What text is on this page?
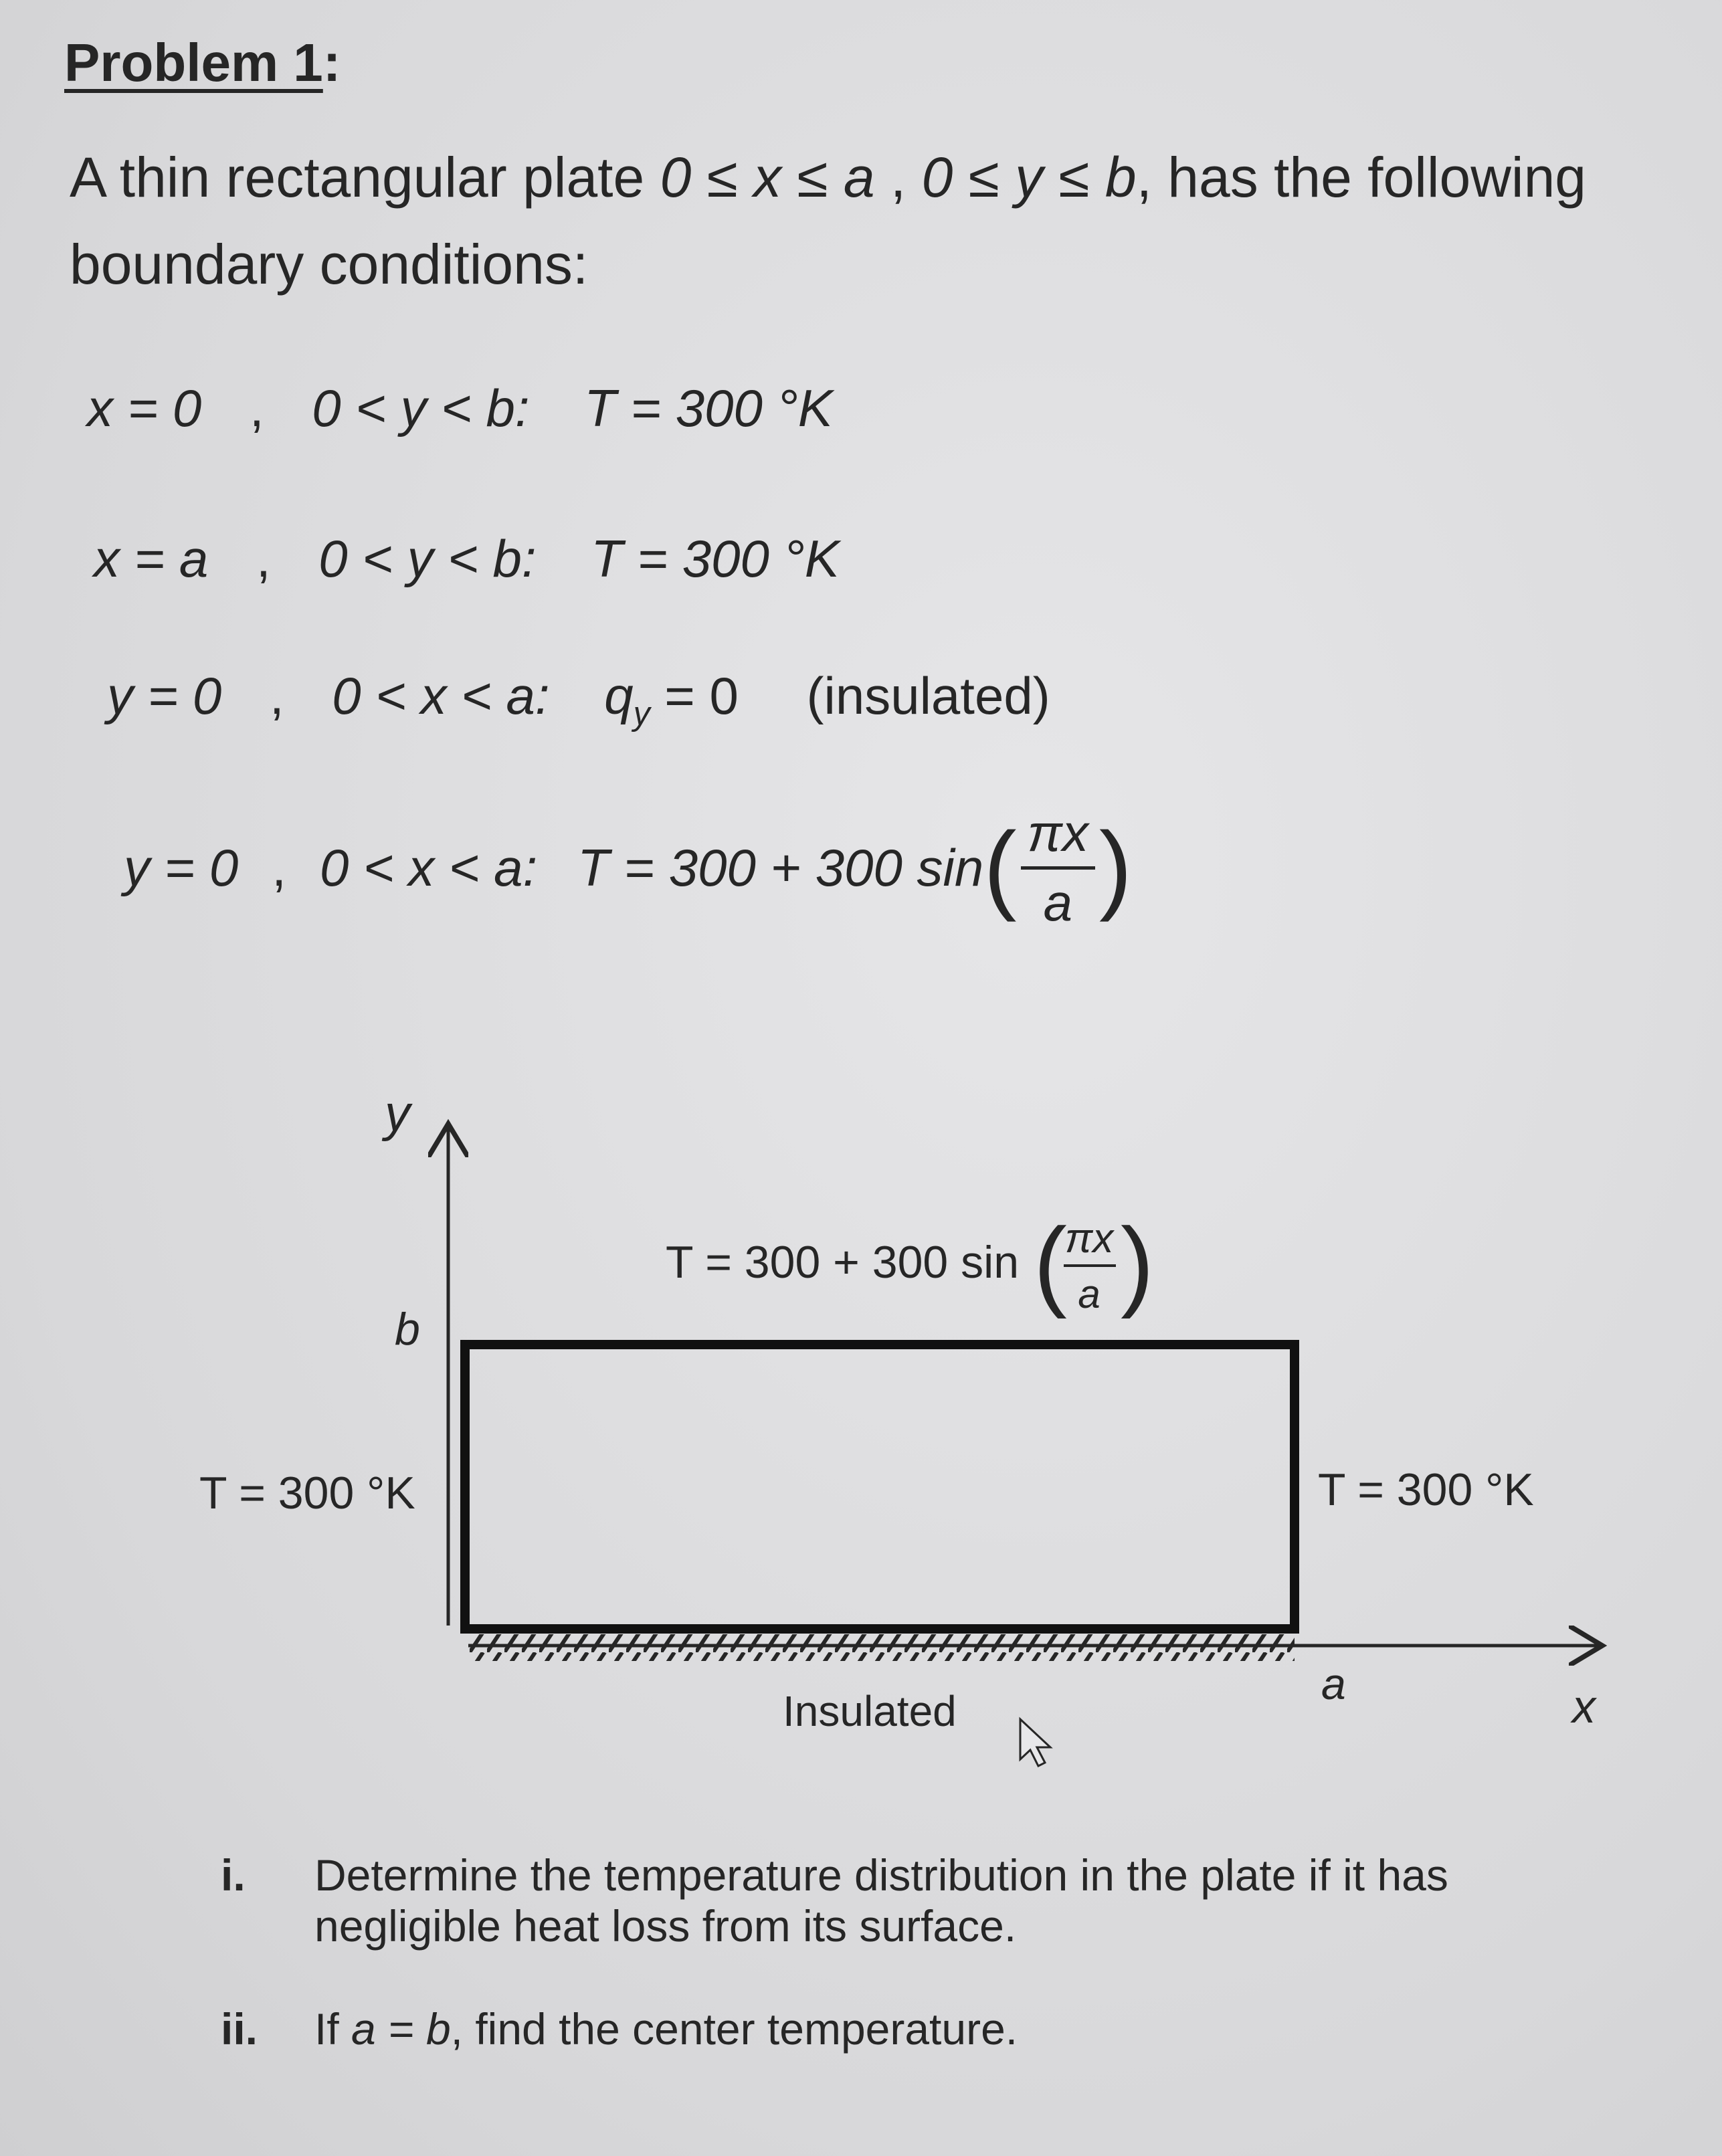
Problem 1:
A thin rectangular plate 0 ≤ x ≤ a , 0 ≤ y ≤ b, has the following
boundary conditions:
x = 0 , 0 < y < b: T = 300 °K
x = a , 0 < y < b: T = 300 °K
y = 0 , 0 < x < a: $q_y = 0$ (insulated)
y = 0 , 0 < x < a: T = 300 + 300 sin ( $\frac{\pi x}{a}$ )
y
x
b
a
T = 300 + 300 sin (
πx
a )
T = 300 °K	T = 300 °K
Insulated
i. Determine the temperature distribution in the plate if it has
negligible heat loss from its surface.
ii. If a = b, find the center temperature.
